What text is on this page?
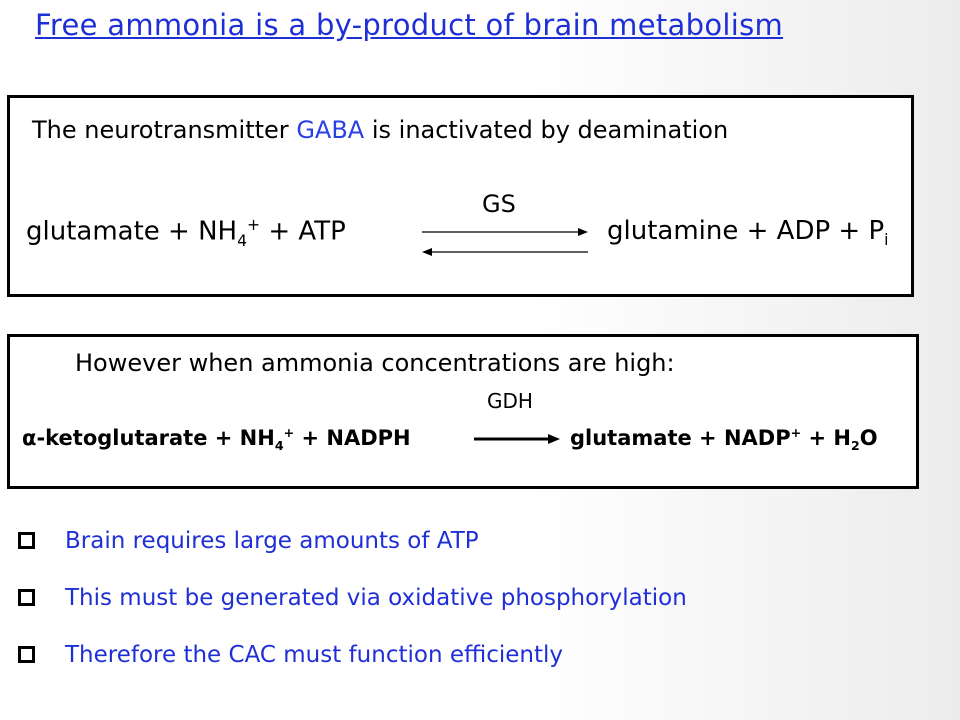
Free ammonia is a by-product of brain metabolism
The neurotransmitter GABA is inactivated by deamination
GS
glutamate + $NH_4^+$ + ATP	glutamine + ADP + $P_i$
However when ammonia concentrations are high:
GDH
α-ketoglutarate + $NH_4^+$ + NADPH	glutamate + NADP+ + $H_2O$
Brain requires large amounts of ATP
This must be generated via oxidative phosphorylation
Therefore the CAC must function efficiently
